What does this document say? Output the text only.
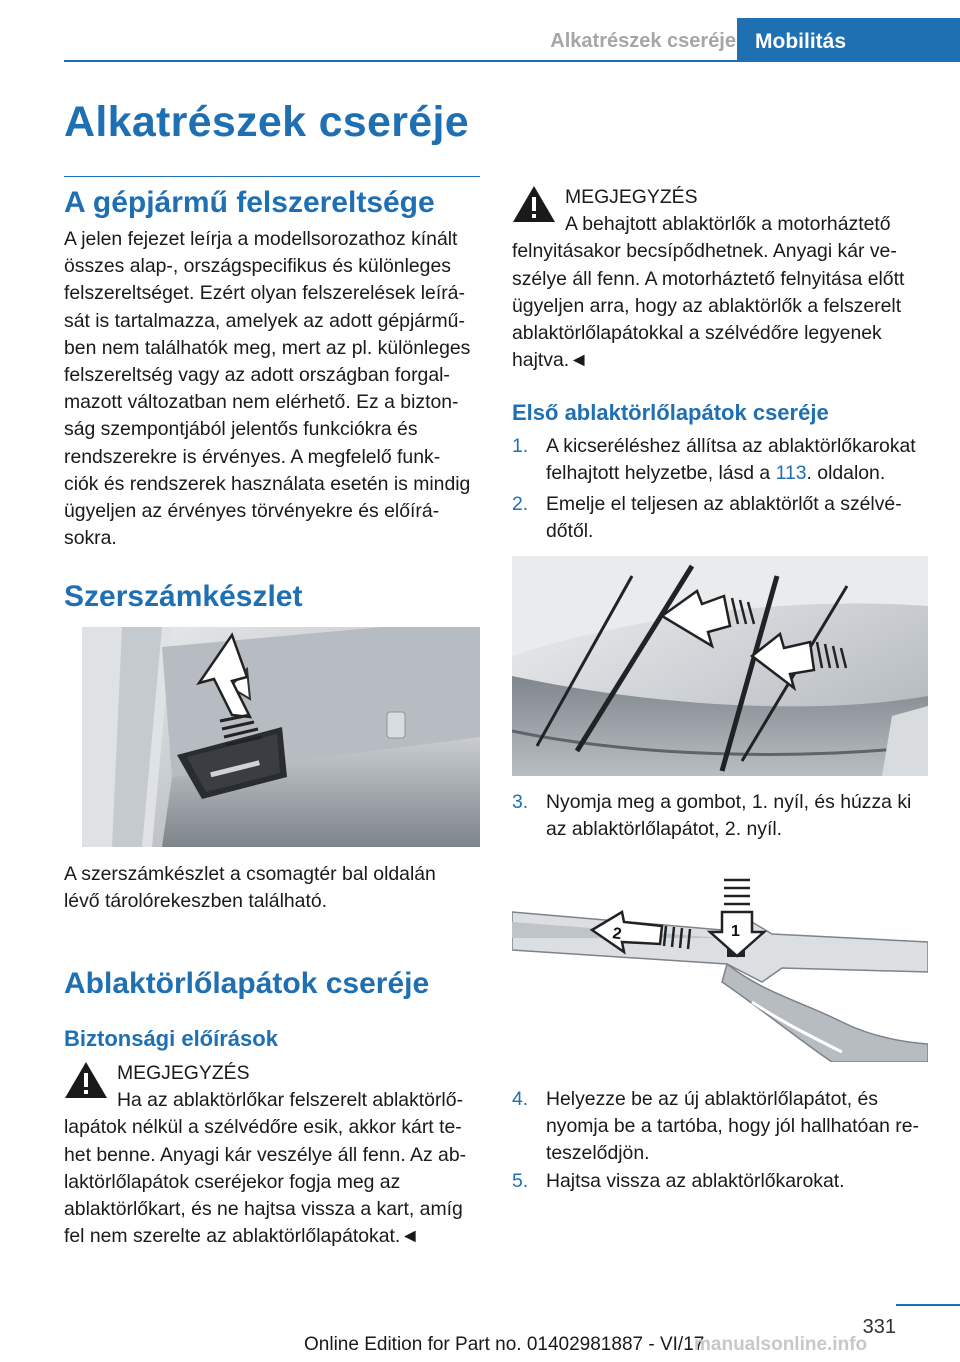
Alkatrészek cseréje Mobilitás
Alkatrészek cseréje
A gépjármű felszereltsége
A jelen fejezet leírja a modellsorozathoz kínált
összes alap-, országspecifikus és különleges
felszereltséget. Ezért olyan felszerelések leírá-
sát is tartalmazza, amelyek az adott gépjármű-
ben nem találhatók meg, mert az pl. különleges
felszereltség vagy az adott országban forgal-
mazott változatban nem elérhető. Ez a bizton-
ság szempontjából jelentős funkciókra és
rendszerekre is érvényes. A megfelelő funk-
ciók és rendszerek használata esetén is mindig
ügyeljen az érvényes törvényekre és előírá-
sokra.
Szerszámkészlet
A szerszámkészlet a csomagtér bal oldalán
lévő tárolórekeszben található.
Ablaktörlőlapátok cseréje
Biztonsági előírások
MEGJEGYZÉS
Ha az ablaktörlőkar felszerelt ablaktörlő-
lapátok nélkül a szélvédőre esik, akkor kárt te-
het benne. Anyagi kár veszélye áll fenn. Az ab-
laktörlőlapátok cseréjekor fogja meg az
ablaktörlőkart, és ne hajtsa vissza a kart, amíg
fel nem szerelte az ablaktörlőlapátokat.◄
MEGJEGYZÉS
A behajtott ablaktörlők a motorháztető
felnyitásakor becsípődhetnek. Anyagi kár ve-
szélye áll fenn. A motorháztető felnyitása előtt
ügyeljen arra, hogy az ablaktörlők a felszerelt
ablaktörlőlapátokkal a szélvédőre legyenek
hajtva.◄
Első ablaktörlőlapátok cseréje
1. A kicseréléshez állítsa az ablaktörlőkarokat
felhajtott helyzetbe, lásd a 113. oldalon.
2. Emelje el teljesen az ablaktörlőt a szélvé-
dőtől.
3. Nyomja meg a gombot, 1. nyíl, és húzza ki
az ablaktörlőlapátot, 2. nyíl.
2	1
4. Helyezze be az új ablaktörlőlapátot, és
nyomja be a tartóba, hogy jól hallhatóan re-
teszelődjön.
5. Hajtsa vissza az ablaktörlőkarokat.
331
Online Edition for Part no. 01402981887 - VI/17
manualsonline.info
